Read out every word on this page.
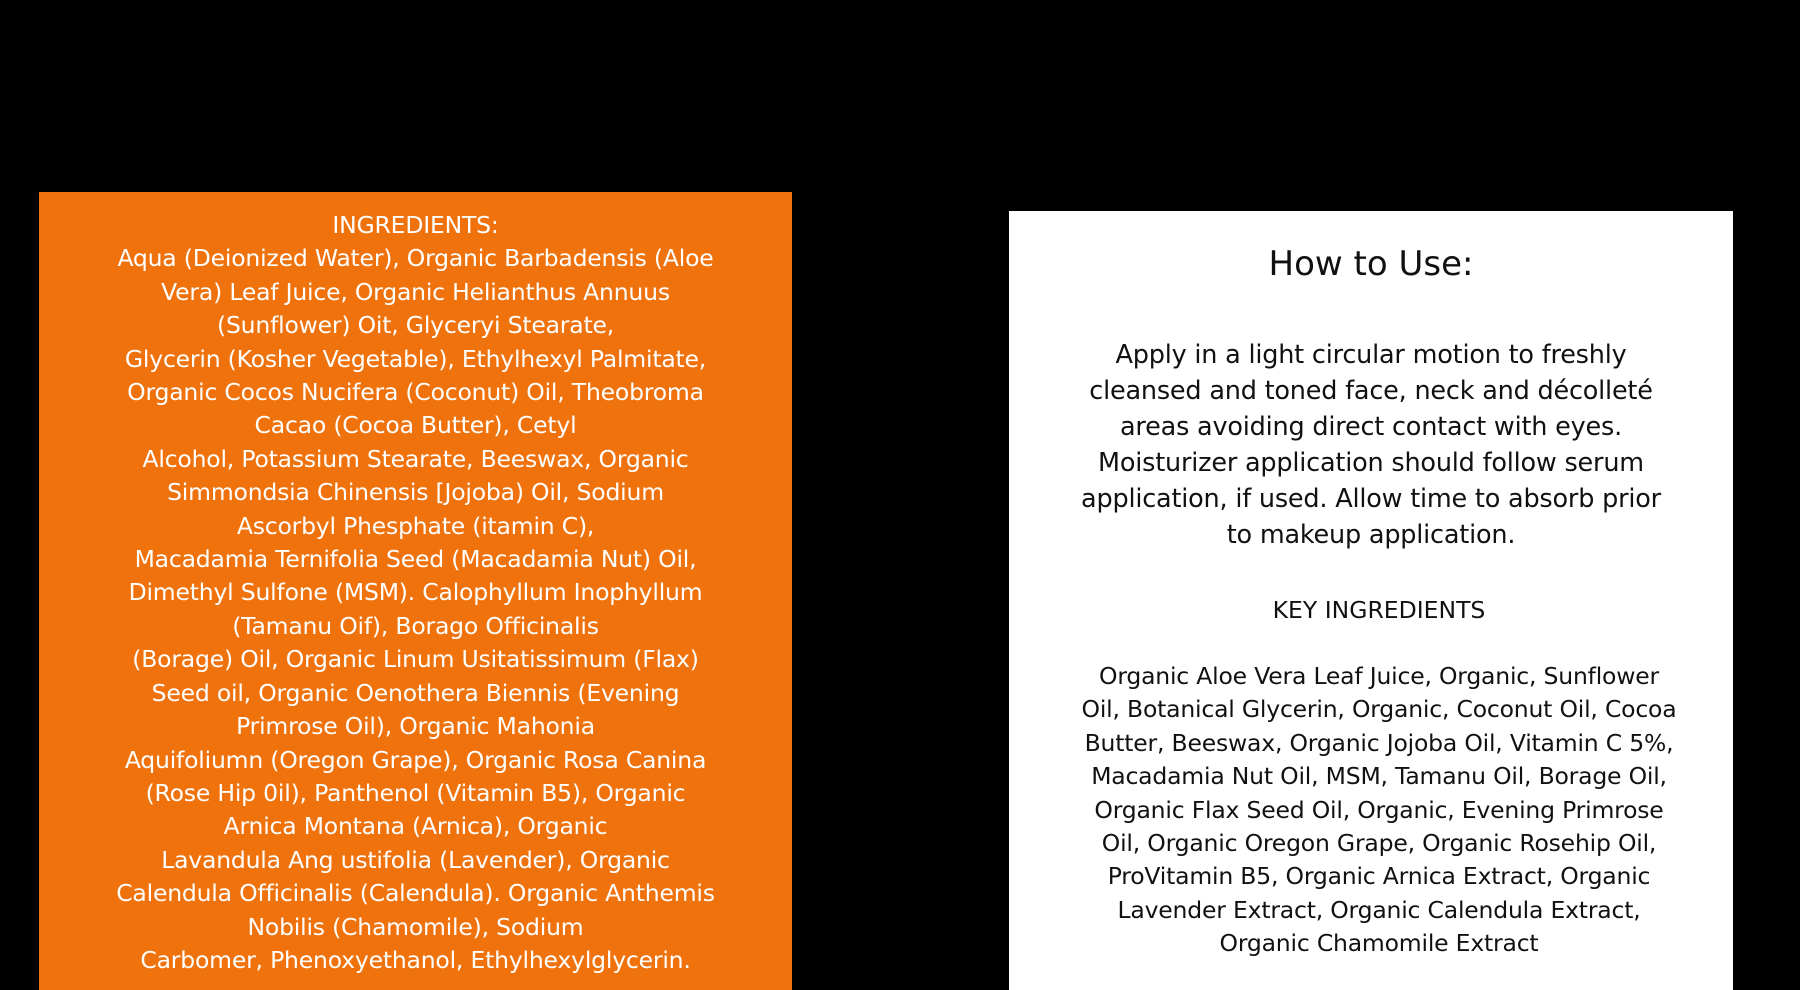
INGREDIENTS:
Aqua (Deionized Water), Organic Barbadensis (Aloe
Vera) Leaf Juice, Organic Helianthus Annuus
(Sunflower) Oit, Glyceryi Stearate,
Glycerin (Kosher Vegetable), Ethylhexyl Palmitate,
Organic Cocos Nucifera (Coconut) Oil, Theobroma
Cacao (Cocoa Butter), Cetyl
Alcohol, Potassium Stearate, Beeswax, Organic
Simmondsia Chinensis [Jojoba) Oil, Sodium
Ascorbyl Phesphate (itamin C),
Macadamia Ternifolia Seed (Macadamia Nut) Oil,
Dimethyl Sulfone (MSM). Calophyllum Inophyllum
(Tamanu Oif), Borago Officinalis
(Borage) Oil, Organic Linum Usitatissimum (Flax)
Seed oil, Organic Oenothera Biennis (Evening
Primrose Oil), Organic Mahonia
Aquifoliumn (Oregon Grape), Organic Rosa Canina
(Rose Hip 0il), Panthenol (Vitamin B5), Organic
Arnica Montana (Arnica), Organic
Lavandula Ang ustifolia (Lavender), Organic
Calendula Officinalis (Calendula). Organic Anthemis
Nobilis (Chamomile), Sodium
Carbomer, Phenoxyethanol, Ethylhexylglycerin.
How to Use:
Apply in a light circular motion to freshly
cleansed and toned face, neck and décolleté
areas avoiding direct contact with eyes.
Moisturizer application should follow serum
application, if used. Allow time to absorb prior
to makeup application.
KEY INGREDIENTS
Organic Aloe Vera Leaf Juice, Organic, Sunflower
Oil, Botanical Glycerin, Organic, Coconut Oil, Cocoa
Butter, Beeswax, Organic Jojoba Oil, Vitamin C 5%,
Macadamia Nut Oil, MSM, Tamanu Oil, Borage Oil,
Organic Flax Seed Oil, Organic, Evening Primrose
Oil, Organic Oregon Grape, Organic Rosehip Oil,
ProVitamin B5, Organic Arnica Extract, Organic
Lavender Extract, Organic Calendula Extract,
Organic Chamomile Extract
